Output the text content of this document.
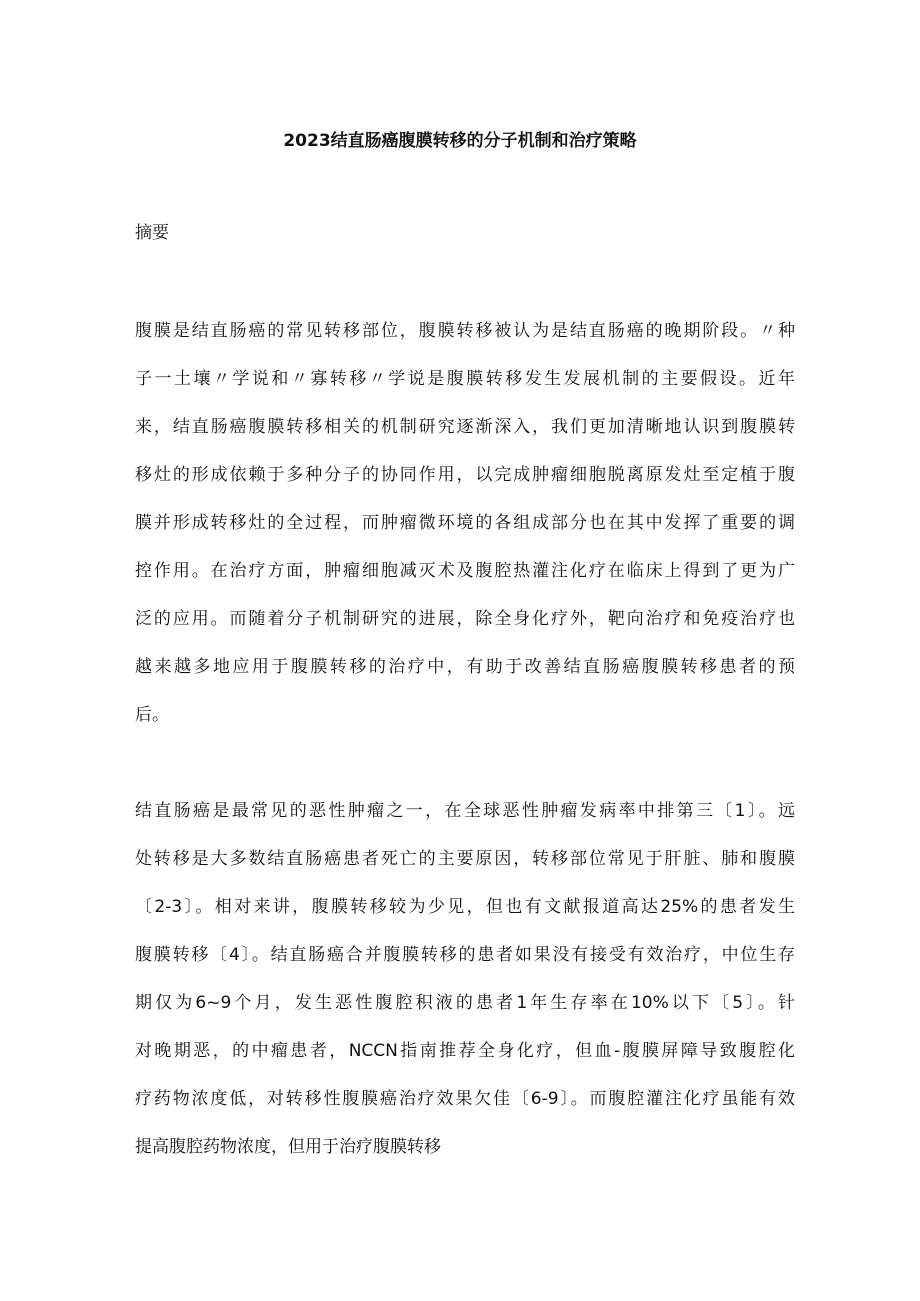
2023结直肠癌腹膜转移的分子机制和治疗策略
摘要
腹膜是结直肠癌的常见转移部位，腹膜转移被认为是结直肠癌的晚期阶段。〃种
子一土壤〃学说和〃寡转移〃学说是腹膜转移发生发展机制的主要假设。近年
来，结直肠癌腹膜转移相关的机制研究逐渐深入，我们更加清晰地认识到腹膜转
移灶的形成依赖于多种分子的协同作用，以完成肿瘤细胞脱离原发灶至定植于腹
膜并形成转移灶的全过程，而肿瘤微环境的各组成部分也在其中发挥了重要的调
控作用。在治疗方面，肿瘤细胞减灭术及腹腔热灌注化疗在临床上得到了更为广
泛的应用。而随着分子机制研究的进展，除全身化疗外，靶向治疗和免疫治疗也
越来越多地应用于腹膜转移的治疗中，有助于改善结直肠癌腹膜转移患者的预
后。
结直肠癌是最常见的恶性肿瘤之一，在全球恶性肿瘤发病率中排第三〔1〕。远
处转移是大多数结直肠癌患者死亡的主要原因，转移部位常见于肝脏、肺和腹膜
〔2-3〕。相对来讲，腹膜转移较为少见，但也有文献报道高达25%的患者发生
腹膜转移〔4〕。结直肠癌合并腹膜转移的患者如果没有接受有效治疗，中位生存
期仅为6~9个月，发生恶性腹腔积液的患者1年生存率在10%以下〔5〕。针
对晚期恶，的中瘤患者，NCCN指南推荐全身化疗，但血-腹膜屏障导致腹腔化
疗药物浓度低，对转移性腹膜癌治疗效果欠佳〔6-9〕。而腹腔灌注化疗虽能有效
提高腹腔药物浓度，但用于治疗腹膜转移
